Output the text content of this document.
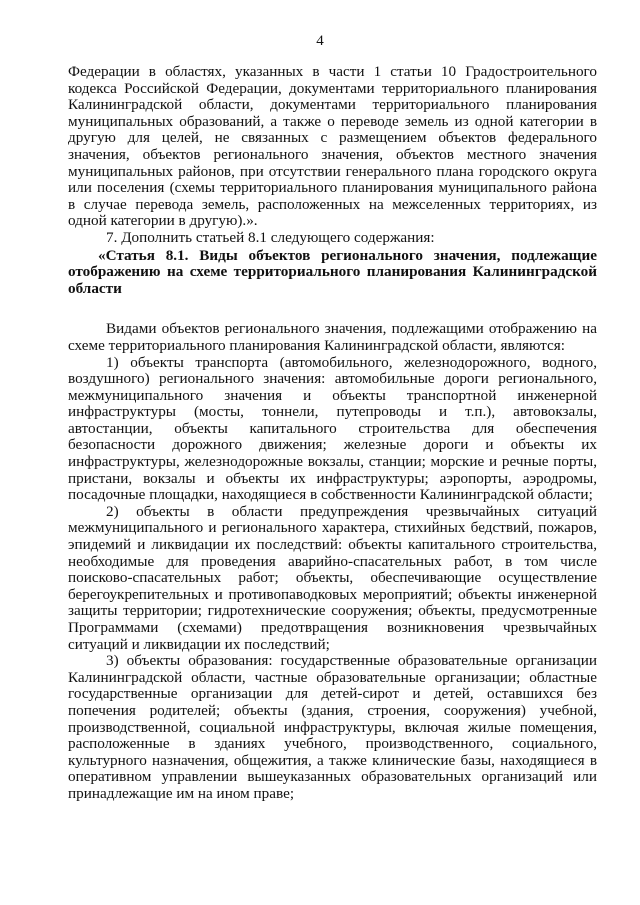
4

Федерации в областях, указанных в части 1 статьи 10 Градостроительного кодекса Российской Федерации, документами территориального планирования Калининградской области, документами территориального планирования муниципальных образований, а также о переводе земель из одной категории в другую для целей, не связанных с размещением объектов федерального значения, объектов регионального значения, объектов местного значения муниципальных районов, при отсутствии генерального плана городского округа или поселения (схемы территориального планирования муниципального района в случае перевода земель, расположенных на межселенных территориях, из одной категории в другую).».

7. Дополнить статьей 8.1 следующего содержания:

«Статья 8.1. Виды объектов регионального значения, подлежащие отображению на схеме территориального планирования Калининградской области

Видами объектов регионального значения, подлежащими отображению на схеме территориального планирования Калининградской области, являются:

1) объекты транспорта (автомобильного, железнодорожного, водного, воздушного) регионального значения: автомобильные дороги регионального, межмуниципального значения и объекты транспортной инженерной инфраструктуры (мосты, тоннели, путепроводы и т.п.), автовокзалы, автостанции, объекты капитального строительства для обеспечения безопасности дорожного движения; железные дороги и объекты их инфраструктуры, железнодорожные вокзалы, станции; морские и речные порты, пристани, вокзалы и объекты их инфраструктуры; аэропорты, аэродромы, посадочные площадки, находящиеся в собственности Калининградской области;

2) объекты в области предупреждения чрезвычайных ситуаций межмуниципального и регионального характера, стихийных бедствий, пожаров, эпидемий и ликвидации их последствий: объекты капитального строительства, необходимые для проведения аварийно-спасательных работ, в том числе поисково-спасательных работ; объекты, обеспечивающие осуществление берегоукрепительных и противопаводковых мероприятий; объекты инженерной защиты территории; гидротехнические сооружения; объекты, предусмотренные Программами (схемами) предотвращения возникновения чрезвычайных ситуаций и ликвидации их последствий;

3) объекты образования: государственные образовательные организации Калининградской области, частные образовательные организации; областные государственные организации для детей-сирот и детей, оставшихся без попечения родителей; объекты (здания, строения, сооружения) учебной, производственной, социальной инфраструктуры, включая жилые помещения, расположенные в зданиях учебного, производственного, социального, культурного назначения, общежития, а также клинические базы, находящиеся в оперативном управлении вышеуказанных образовательных организаций или принадлежащие им на ином праве;
